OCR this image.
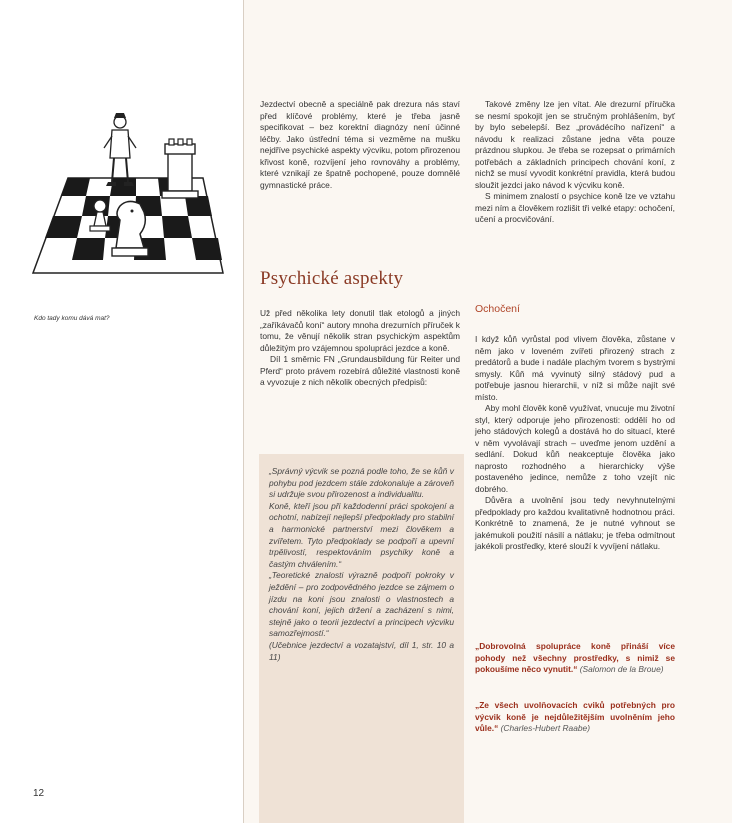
Kdo tady komu dává mat?
12

Jezdectví obecně a speciálně pak drezura nás staví před klíčové problémy, které je třeba jasně specifikovat – bez korektní diagnózy není účinné léčby. Jako ústřední téma si vezměme na mušku nejdříve psychické aspekty výcviku, potom přirozenou křivost koně, rozvíjení jeho rovnováhy a problémy, které vznikají ze špatně pochopené, pouze domnělé gymnastické práce.

Psychické aspekty

Už před několika lety donutil tlak etologů a jiných „zaříkávačů koní“ autory mnoha drezurních příruček k tomu, že věnují několik stran psychickým aspektům důležitým pro vzájemnou spolupráci jezdce a koně.

Díl 1 směrnic FN „Grundausbildung für Reiter und Pferd“ proto právem rozebírá důležité vlastnosti koně a vyvozuje z nich několik obecných předpisů:

„Správný výcvik se pozná podle toho, že se kůň v pohybu pod jezdcem stále zdokonaluje a zároveň si udržuje svou přirozenost a individualitu.

Koně, kteří jsou při každodenní práci spokojení a ochotní, nabízejí nejlepší předpoklady pro stabilní a harmonické partnerství mezi člověkem a zvířetem. Tyto předpoklady se podpoří a upevní trpělivostí, respektováním psychiky koně a častým chválením.“

„Teoretické znalosti výrazně podpoří pokroky v ježdění – pro zodpovědného jezdce se zájmem o jízdu na koni jsou znalosti o vlastnostech a chování koní, jejich držení a zacházení s nimi, stejně jako o teorii jezdectví a principech výcviku samozřejmostí.“

(Učebnice jezdectví a vozatajství, díl 1, str. 10 a 11)

Takové změny lze jen vítat. Ale drezurní příručka se nesmí spokojit jen se stručným prohlášením, byť by bylo sebelepší. Bez „provádécího nařízení“ a návodu k realizaci zůstane jedna věta pouze prázdnou slupkou. Je třeba se rozepsat o primárních potřebách a základních principech chování koní, z nichž se musí vyvodit konkrétní pravidla, která budou sloužit jezdci jako návod k výcviku koně.

S minimem znalostí o psychice koně lze ve vztahu mezi ním a člověkem rozlišit tři velké etapy: ochočení, učení a procvičování.

Ochočení

I když kůň vyrůstal pod vlivem člověka, zůstane v něm jako v loveném zvířeti přirozený strach z predátorů a bude i nadále plachým tvorem s bystrými smysly. Kůň má vyvinutý silný stádový pud a potřebuje jasnou hierarchii, v níž si může najít své místo.

Aby mohl člověk koně využívat, vnucuje mu životní styl, který odporuje jeho přirozenosti: oddělí ho od jeho stádových kolegů a dostává ho do situací, které v něm vyvolávají strach – uveďme jenom uzdění a sedlání. Dokud kůň neakceptuje člověka jako naprosto rozhodného a hierarchicky výše postaveného jedince, nemůže z toho vzejít nic dobrého.

Důvěra a uvolnění jsou tedy nevyhnutelnými předpoklady pro každou kvalitativně hodnotnou práci. Konkrétně to znamená, že je nutné vyhnout se jakémukoli použití násilí a nátlaku; je třeba odmítnout jakékoli prostředky, které slouží k vyvíjení nátlaku.

„Dobrovolná spolupráce koně přináší více pohody než všechny prostředky, s nimiž se pokoušíme něco vynutit.“ (Salomon de la Broue)
„Ze všech uvolňovacích cviků potřebných pro výcvik koně je nejdůležitějším uvolněním jeho vůle.“ (Charles-Hubert Raabe)
